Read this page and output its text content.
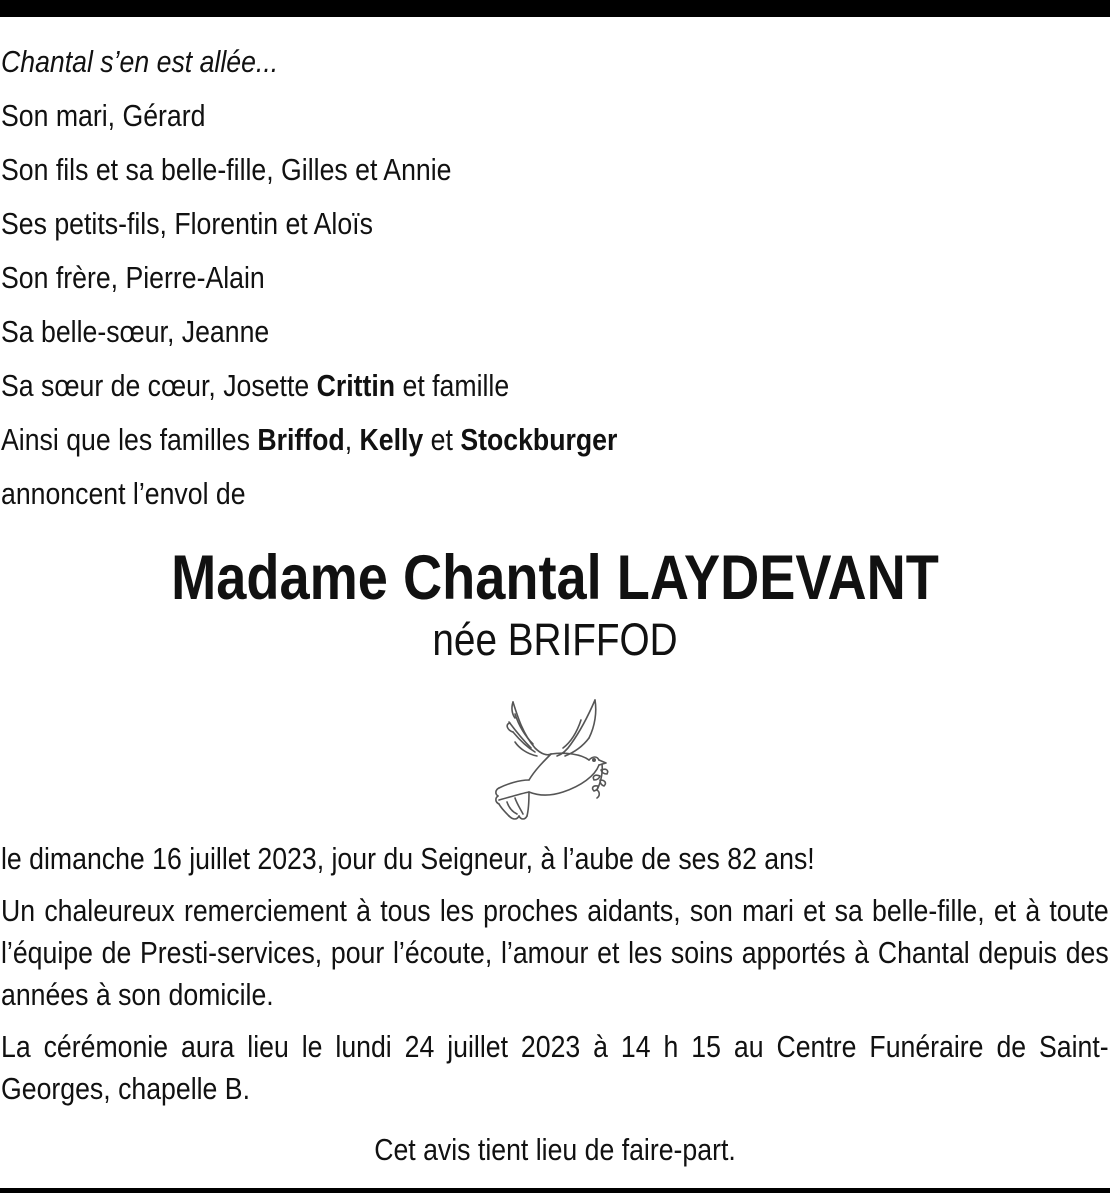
Chantal s’en est allée...
Son mari, Gérard
Son fils et sa belle-fille, Gilles et Annie
Ses petits-fils, Florentin et Aloïs
Son frère, Pierre-Alain
Sa belle-sœur, Jeanne
Sa sœur de cœur, Josette Crittin et famille
Ainsi que les familles Briffod, Kelly et Stockburger
annoncent l’envol de
Madame Chantal LAYDEVANT
née BRIFFOD

le dimanche 16 juillet 2023, jour du Seigneur, à l’aube de ses 82 ans!

Un chaleureux remerciement à tous les proches aidants, son mari et sa belle-fille, et à toute l’équipe de Presti-services, pour l’écoute, l’amour et les soins apportés à Chantal depuis des années à son domicile.

La cérémonie aura lieu le lundi 24 juillet 2023 à 14 h 15 au Centre Funéraire de Saint-Georges, chapelle B.

Cet avis tient lieu de faire-part.
